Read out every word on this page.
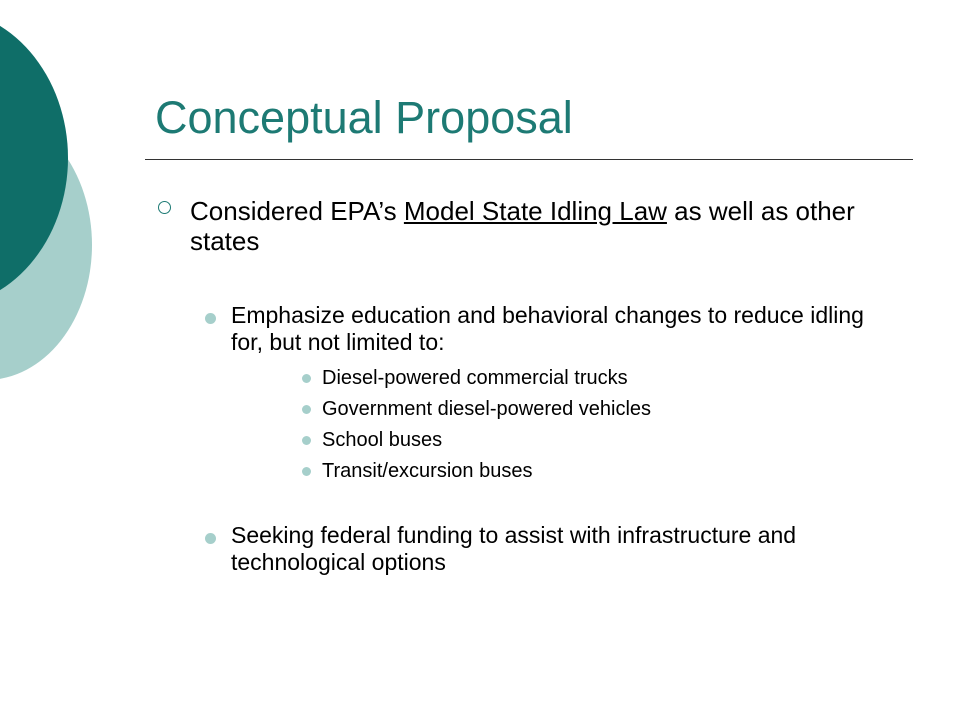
Conceptual Proposal
Considered EPA’s Model State Idling Law as well as other states
Emphasize education and behavioral changes to reduce idling for, but not limited to:
Diesel-powered commercial trucks
Government diesel-powered vehicles
School buses
Transit/excursion buses
Seeking federal funding to assist with infrastructure and technological options
